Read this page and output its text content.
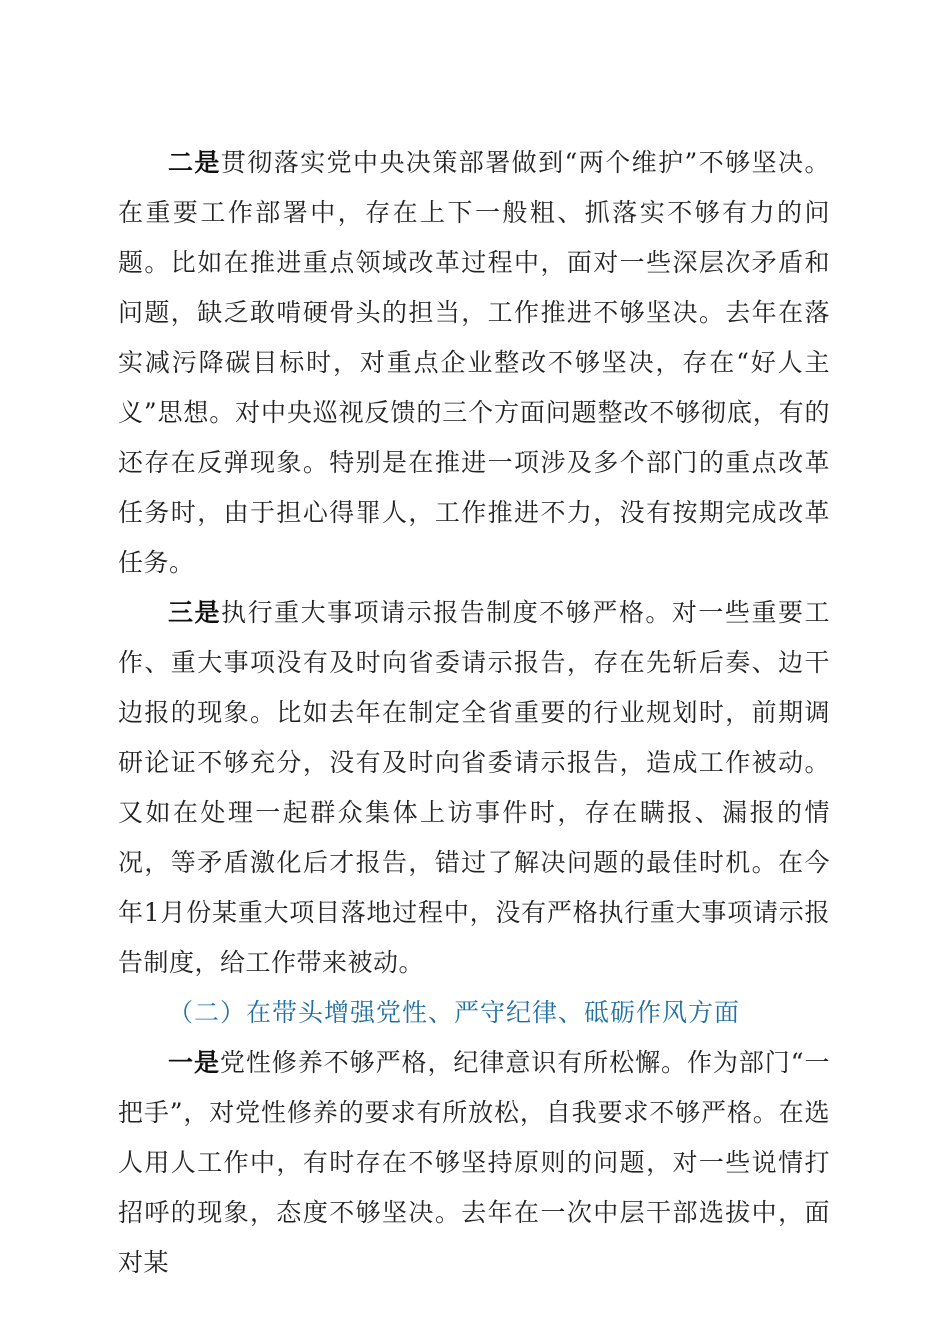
二是贯彻落实党中央决策部署做到“两个维护”不够坚决。在重要工作部署中，存在上下一般粗、抓落实不够有力的问题。比如在推进重点领域改革过程中，面对一些深层次矛盾和问题，缺乏敢啃硬骨头的担当，工作推进不够坚决。去年在落实减污降碳目标时，对重点企业整改不够坚决，存在“好人主义”思想。对中央巡视反馈的三个方面问题整改不够彻底，有的还存在反弹现象。特别是在推进一项涉及多个部门的重点改革任务时，由于担心得罪人，工作推进不力，没有按期完成改革任务。

三是执行重大事项请示报告制度不够严格。对一些重要工作、重大事项没有及时向省委请示报告，存在先斩后奏、边干边报的现象。比如去年在制定全省重要的行业规划时，前期调研论证不够充分，没有及时向省委请示报告，造成工作被动。又如在处理一起群众集体上访事件时，存在瞒报、漏报的情况，等矛盾激化后才报告，错过了解决问题的最佳时机。在今年1月份某重大项目落地过程中，没有严格执行重大事项请示报告制度，给工作带来被动。

（二）在带头增强党性、严守纪律、砥砺作风方面

一是党性修养不够严格，纪律意识有所松懈。作为部门“一把手”，对党性修养的要求有所放松，自我要求不够严格。在选人用人工作中，有时存在不够坚持原则的问题，对一些说情打招呼的现象，态度不够坚决。去年在一次中层干部选拔中，面对某
